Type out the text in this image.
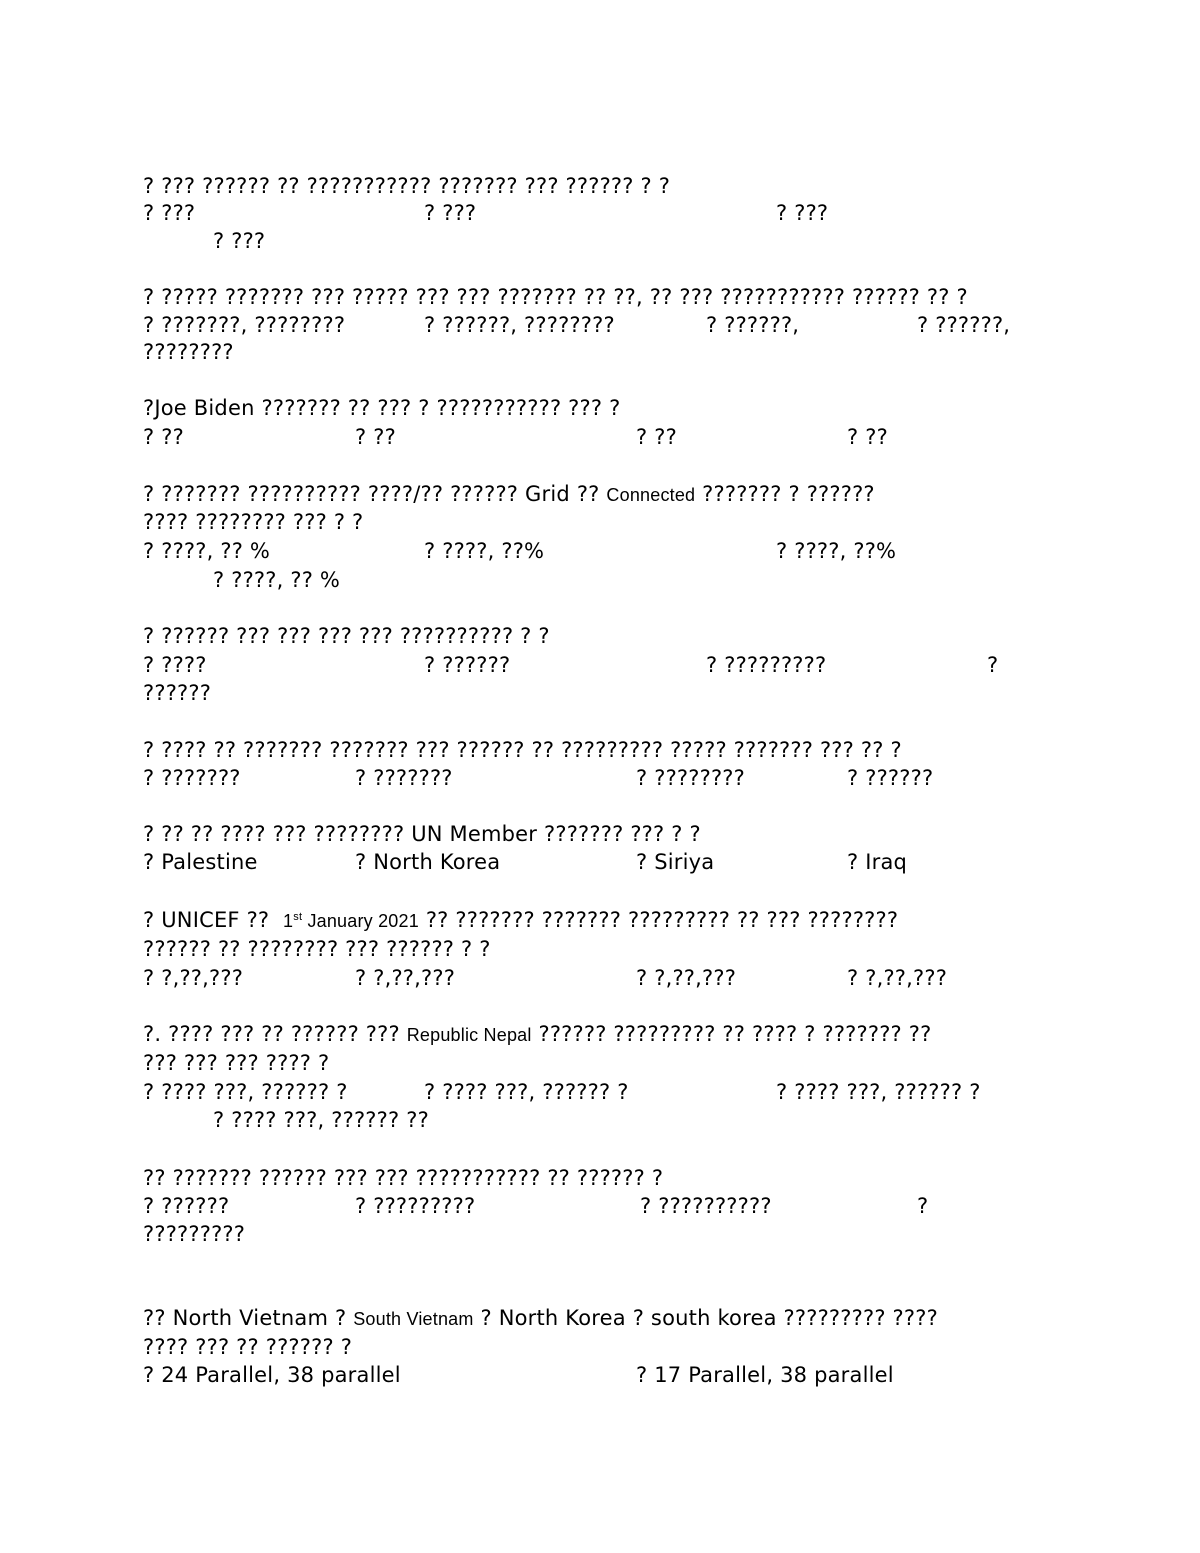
? ??? ?????? ?? ??????????? ??????? ??? ?????? ? ?
? ???	? ???	? ???
? ???
? ????? ??????? ??? ????? ??? ??? ??????? ?? ??, ?? ??? ??????????? ?????? ?? ?
? ???????, ????????	? ??????, ????????	? ??????,	? ??????,
????????
?Joe Biden ??????? ?? ??? ? ??????????? ??? ?
? ??	? ??	? ??	? ??
? ??????? ?????????? ????/?? ?????? Grid ?? Connected ??????? ? ??????
???? ???????? ??? ? ?
? ????, ?? %	? ????, ??%	? ????, ??%
? ????, ?? %
? ?????? ??? ??? ??? ??? ?????????? ? ?
? ????	? ??????	? ?????????	?
??????
? ???? ?? ??????? ??????? ??? ?????? ?? ????????? ????? ??????? ??? ?? ?
? ???????	? ???????	? ????????	? ??????
? ?? ?? ???? ??? ???????? UN Member ??????? ??? ? ?
? Palestine	? North Korea	? Siriya	? Iraq
? UNICEF ?? 1st January 2021 ?? ??????? ??????? ????????? ?? ??? ????????
?????? ?? ???????? ??? ?????? ? ?
? ?,??,???	? ?,??,???	? ?,??,???	? ?,??,???
?. ???? ??? ?? ?????? ??? Republic Nepal ?????? ????????? ?? ???? ? ??????? ??
??? ??? ??? ???? ?
? ???? ???, ?????? ?	? ???? ???, ?????? ?	? ???? ???, ?????? ?
? ???? ???, ?????? ??
?? ??????? ?????? ??? ??? ??????????? ?? ?????? ?
? ??????	? ?????????	? ??????????	?
?????????
?? North Vietnam ? South Vietnam ? North Korea ? south korea ????????? ????
???? ??? ?? ?????? ?
? 24 Parallel, 38 parallel	? 17 Parallel, 38 parallel
